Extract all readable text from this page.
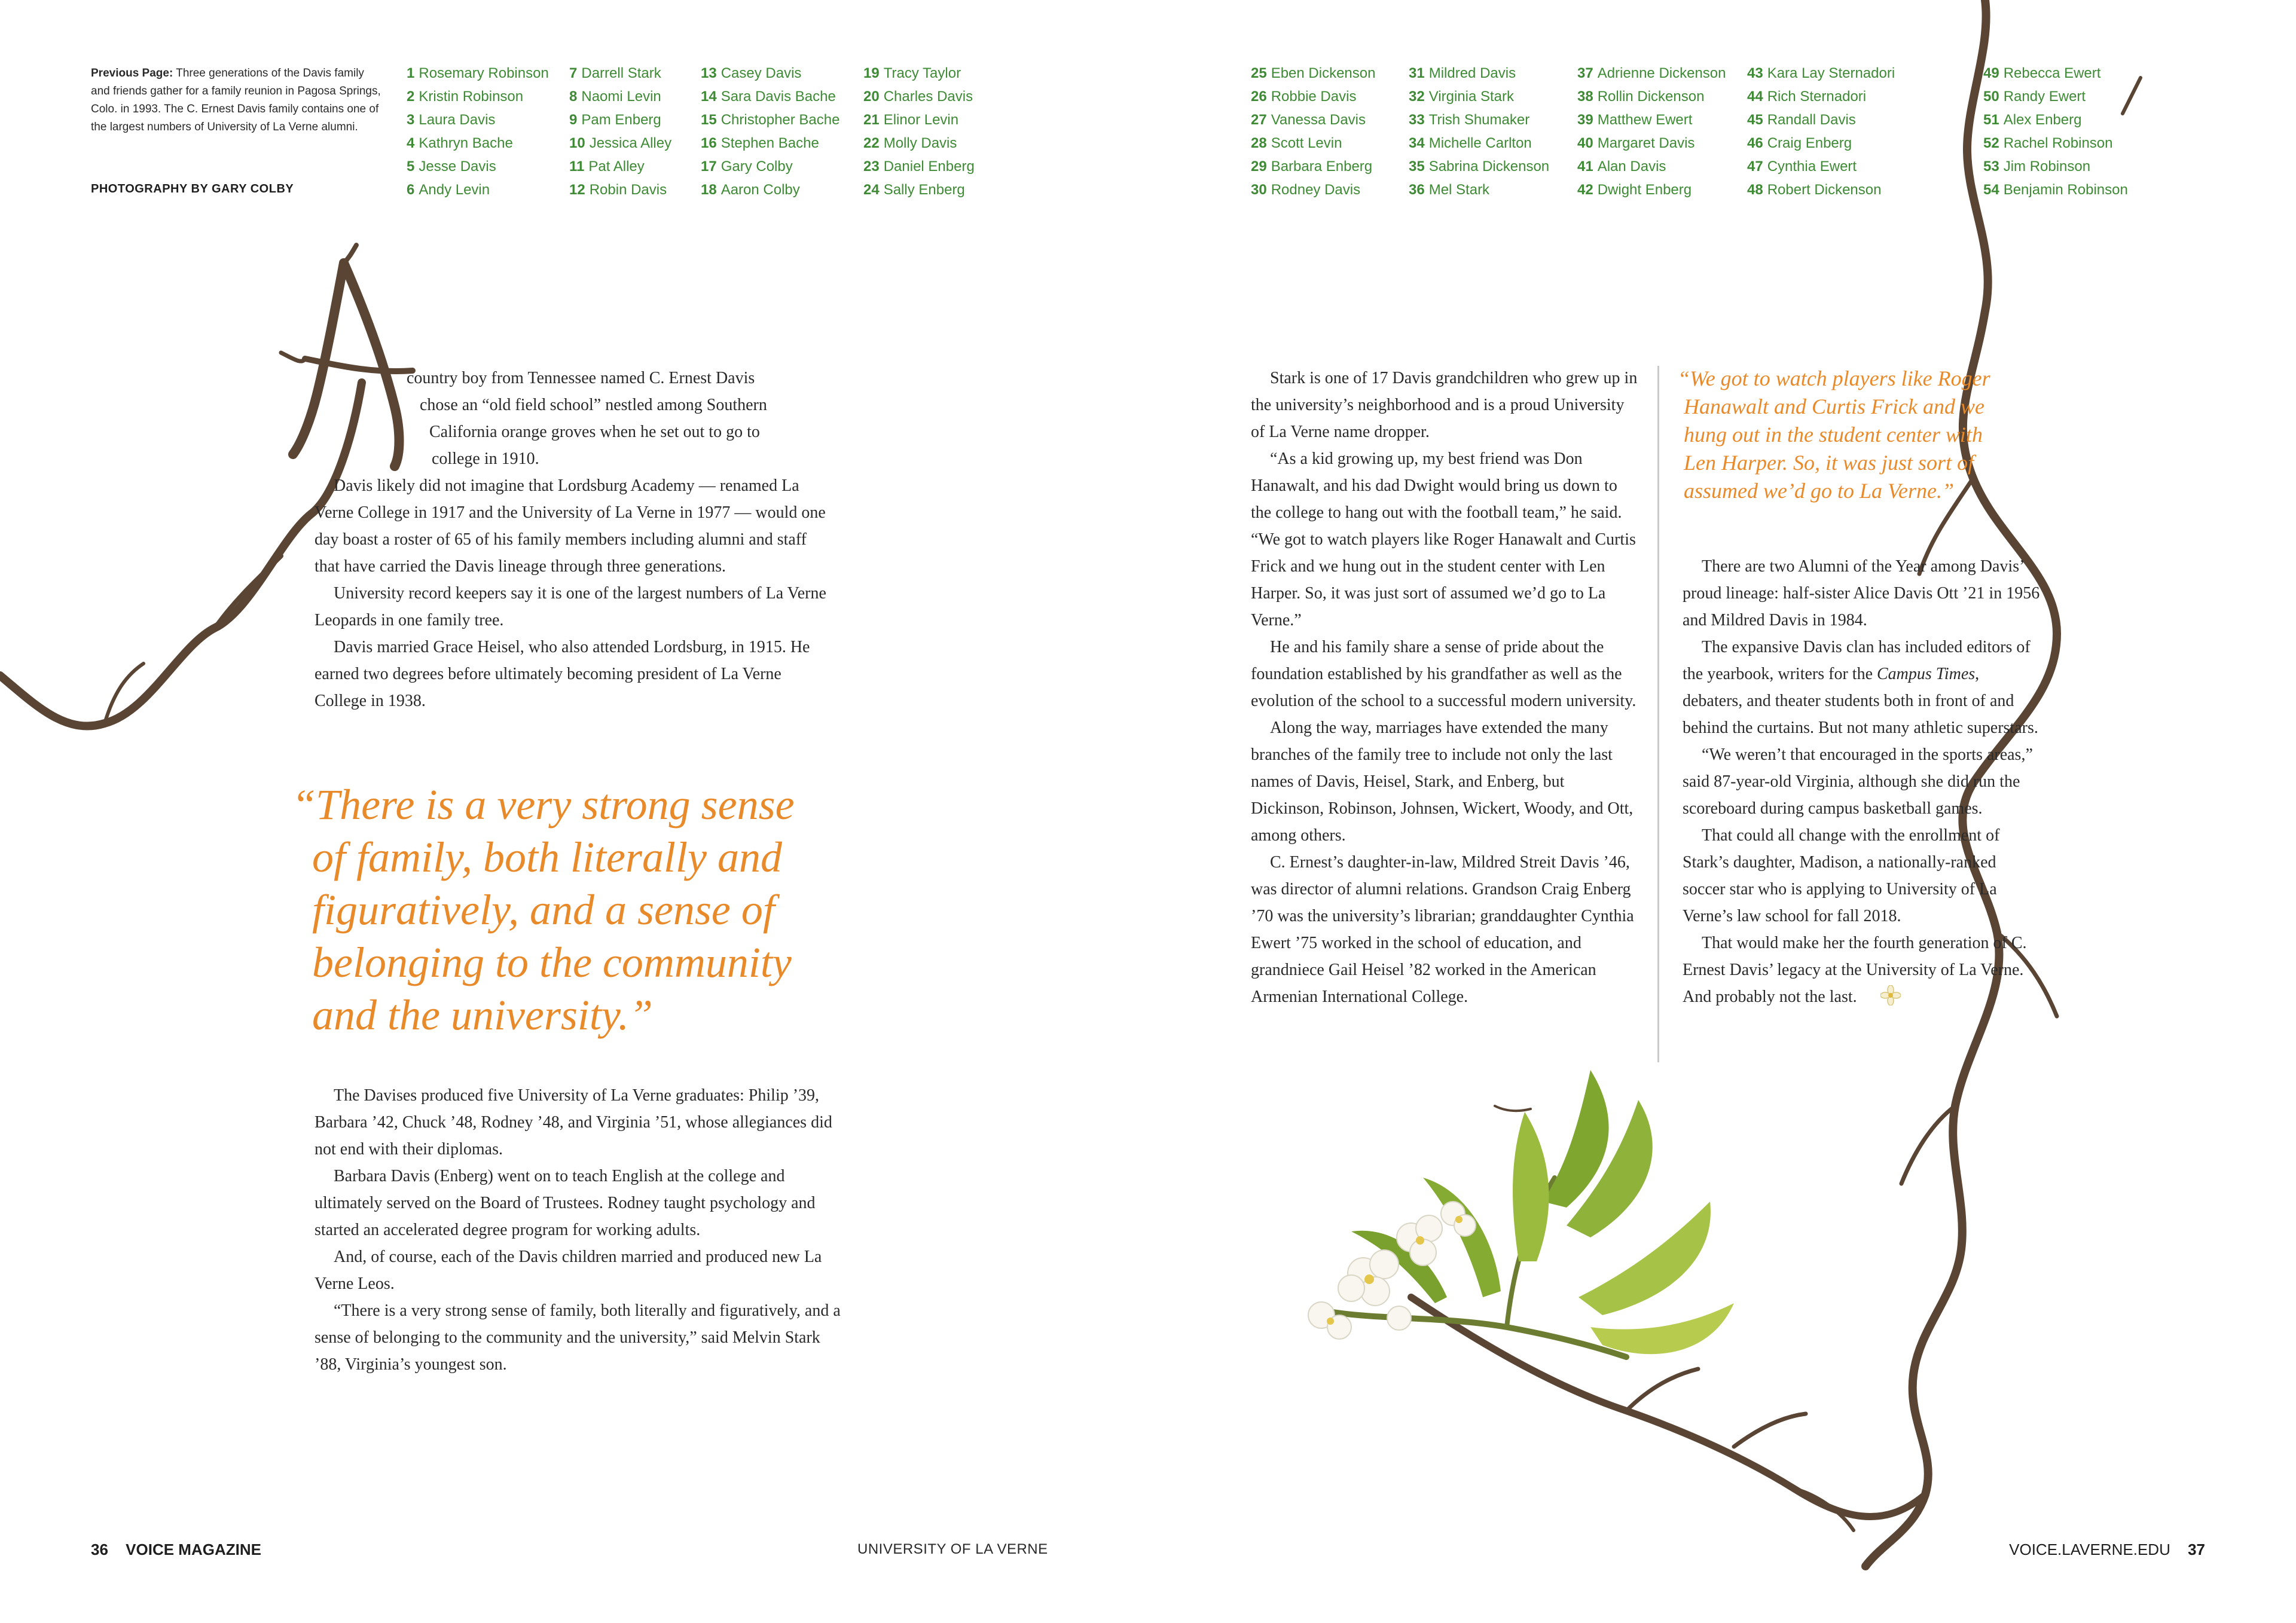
Previous Page: Three generations of the Davis family and friends gather for a family reunion in Pagosa Springs, Colo. in 1993. The C. Ernest Davis family contains one of the largest numbers of University of La Verne alumni.
PHOTOGRAPHY BY GARY COLBY
1 Rosemary Robinson
2 Kristin Robinson
3 Laura Davis
4 Kathryn Bache
5 Jesse Davis
6 Andy Levin
7 Darrell Stark
8 Naomi Levin
9 Pam Enberg
10 Jessica Alley
11 Pat Alley
12 Robin Davis
13 Casey Davis
14 Sara Davis Bache
15 Christopher Bache
16 Stephen Bache
17 Gary Colby
18 Aaron Colby
19 Tracy Taylor
20 Charles Davis
21 Elinor Levin
22 Molly Davis
23 Daniel Enberg
24 Sally Enberg
25 Eben Dickenson
26 Robbie Davis
27 Vanessa Davis
28 Scott Levin
29 Barbara Enberg
30 Rodney Davis
31 Mildred Davis
32 Virginia Stark
33 Trish Shumaker
34 Michelle Carlton
35 Sabrina Dickenson
36 Mel Stark
37 Adrienne Dickenson
38 Rollin Dickenson
39 Matthew Ewert
40 Margaret Davis
41 Alan Davis
42 Dwight Enberg
43 Kara Lay Sternadori
44 Rich Sternadori
45 Randall Davis
46 Craig Enberg
47 Cynthia Ewert
48 Robert Dickenson
49 Rebecca Ewert
50 Randy Ewert
51 Alex Enberg
52 Rachel Robinson
53 Jim Robinson
54 Benjamin Robinson
country boy from Tennessee named C. Ernest Davis
chose an “old field school” nestled among Southern
California orange groves when he set out to go to
college in 1910.

Davis likely did not imagine that Lordsburg Academy — renamed La Verne College in 1917 and the University of La Verne in 1977 — would one day boast a roster of 65 of his family members including alumni and staff that have carried the Davis lineage through three generations.

University record keepers say it is one of the largest numbers of La Verne Leopards in one family tree.

Davis married Grace Heisel, who also attended Lordsburg, in 1915. He earned two degrees before ultimately becoming president of La Verne College in 1938.

“There is a very strong sense
of family, both literally and
figuratively, and a sense of
belonging to the community
and the university.”

The Davises produced five University of La Verne graduates: Philip ’39, Barbara ’42, Chuck ’48, Rodney ’48, and Virginia ’51, whose allegiances did not end with their diplomas.

Barbara Davis (Enberg) went on to teach English at the college and ultimately served on the Board of Trustees. Rodney taught psychology and started an accelerated degree program for working adults.

And, of course, each of the Davis children married and produced new La Verne Leos.

“There is a very strong sense of family, both literally and figuratively, and a sense of belonging to the community and the university,” said Melvin Stark ’88, Virginia’s youngest son.

Stark is one of 17 Davis grandchildren who grew up in the university’s neighborhood and is a proud University of La Verne name dropper.

“As a kid growing up, my best friend was Don Hanawalt, and his dad Dwight would bring us down to the college to hang out with the football team,” he said. “We got to watch players like Roger Hanawalt and Curtis Frick and we hung out in the student center with Len Harper. So, it was just sort of assumed we’d go to La Verne.”

He and his family share a sense of pride about the foundation established by his grandfather as well as the evolution of the school to a successful modern university.

Along the way, marriages have extended the many branches of the family tree to include not only the last names of Davis, Heisel, Stark, and Enberg, but Dickinson, Robinson, Johnsen, Wickert, Woody, and Ott, among others.

C. Ernest’s daughter-in-law, Mildred Streit Davis ’46, was director of alumni relations. Grandson Craig Enberg ’70 was the university’s librarian; granddaughter Cynthia Ewert ’75 worked in the school of education, and grandniece Gail Heisel ’82 worked in the American Armenian International College.

“We got to watch players like Roger
Hanawalt and Curtis Frick and we
hung out in the student center with
Len Harper. So, it was just sort of
assumed we’d go to La Verne.”

There are two Alumni of the Year among Davis’ proud lineage: half-sister Alice Davis Ott ’21 in 1956 and Mildred Davis in 1984.

The expansive Davis clan has included editors of the yearbook, writers for the Campus Times, debaters, and theater students both in front of and behind the curtains. But not many athletic superstars.

“We weren’t that encouraged in the sports areas,” said 87-year-old Virginia, although she did run the scoreboard during campus basketball games.

That could all change with the enrollment of Stark’s daughter, Madison, a nationally-ranked soccer star who is applying to University of La Verne’s law school for fall 2018.

That would make her the fourth generation of C. Ernest Davis’ legacy at the University of La Verne. And probably not the last.

36 VOICE MAGAZINE	UNIVERSITY OF LA VERNE	VOICE.LAVERNE.EDU 37
